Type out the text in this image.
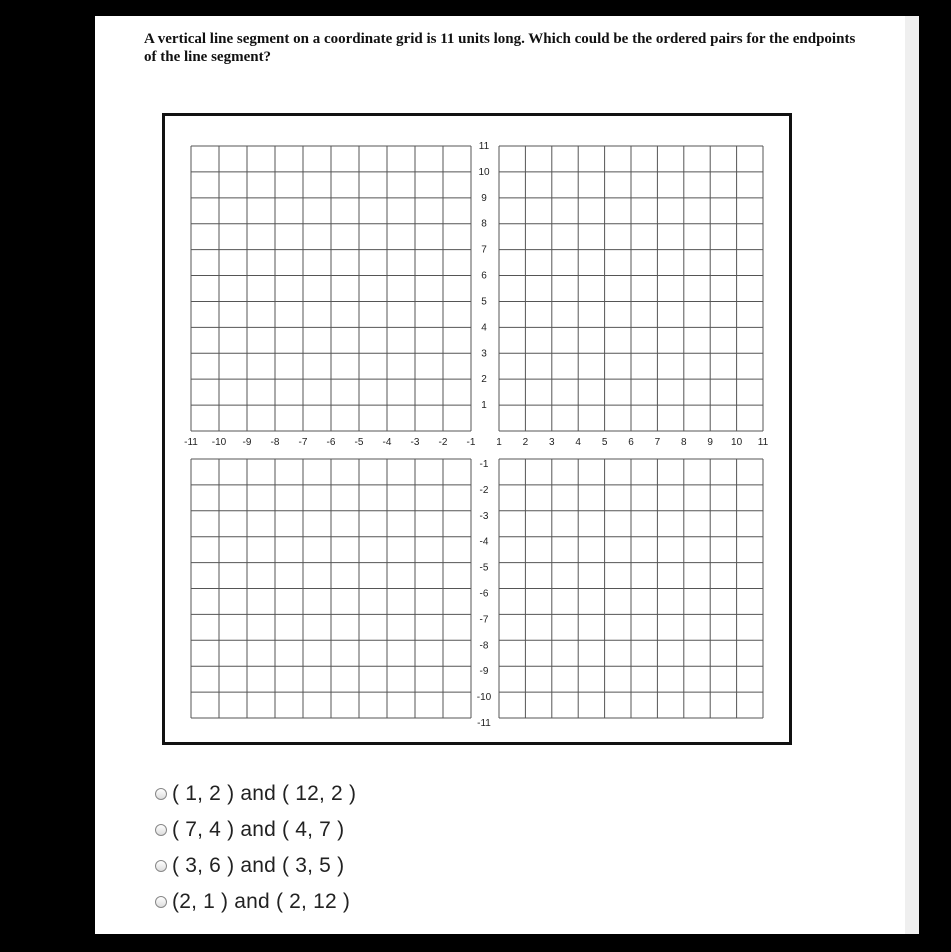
A vertical line segment on a coordinate grid is 11 units long. Which could be the ordered pairs for the endpoints of the line segment?

-11 -10 -9 -8 -7 -6 -5 -4 -3 -2 -1 1 2 3 4 5 6 7 8 9 10 11
11
10
9
8
7
6
5
4
3
2
1
-1
-2
-3
-4
-5
-6
-7
-8
-9
-10
-11
( 1, 2 ) and ( 12, 2 )
( 7, 4 ) and ( 4, 7 )
( 3, 6 ) and ( 3, 5 )
(2, 1 ) and ( 2, 12 )
